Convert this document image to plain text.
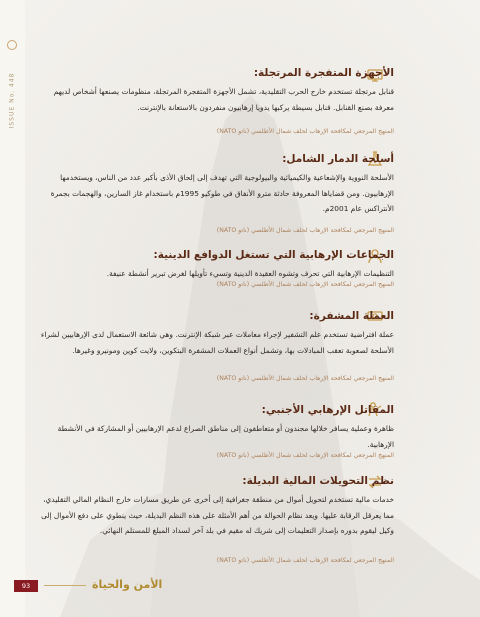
ISSUE No. 448	الأجهزة المتفجرة المرتجلة:

قنابل مرتجلة تستخدم خارج الحرب التقليدية، تشمل الأجهزة المتفجرة المرتجلة، منظومات يصنعها أشخاص لديهم معرفة بصنع القنابل. قنابل بسيطة يركبها يدويا إرهابيون منفردون بالاستعانة بالإنترنت.

المنهج المرجعي لمكافحة الإرهاب لحلف شمال الأطلسي (ناتو NATO)
أسلحة الدمار الشامل:

الأسلحة النووية والإشعاعية والكيميائية والبيولوجية التي تهدف إلى إلحاق الأذى بأكبر عدد من الناس، ويستخدمها الإرهابيون. ومن قضاياها المعروفة حادثة مترو الأنفاق في طوكيو 1995م باستخدام غاز السارين، والهجمات بجمرة الأنتراكس عام 2001م.

المنهج المرجعي لمكافحة الإرهاب لحلف شمال الأطلسي (ناتو NATO)
الجماعات الإرهابية التي تستغل الدوافع الدينية:

التنظيمات الإرهابية التي تحرف وتشوه العقيدة الدينية وتسيء تأويلها لغرض تبرير أنشطة عنيفة.

المنهج المرجعي لمكافحة الإرهاب لحلف شمال الأطلسي (ناتو NATO)
العملة المشفرة:

عملة افتراضية تستخدم علم التشفير لإجراء معاملات عبر شبكة الإنترنت. وهي شائعة الاستعمال لدى الإرهابيين لشراء الأسلحة لصعوبة تعقب المبادلات بها، وتشمل أنواع العملات المشفرة البتكوين، ولايت كوين ومونيرو وغيرها.

المنهج المرجعي لمكافحة الإرهاب لحلف شمال الأطلسي (ناتو NATO)
المقاتل الإرهابي الأجنبي:

ظاهرة وعملية يسافر خلالها مجندون أو متعاطفون إلى مناطق الصراع لدعم الإرهابيين أو المشاركة في الأنشطة الإرهابية.

المنهج المرجعي لمكافحة الإرهاب لحلف شمال الأطلسي (ناتو NATO)
نظم التحويلات المالية البديلة:

خدمات مالية تستخدم لتحويل أموال من منطقة جغرافية إلى أخرى عن طريق مسارات خارج النظام المالي التقليدي، مما يعرقل الرقابة عليها. ويعد نظام الحوالة من أهم الأمثلة على هذه النظم البديلة، حيث ينطوي على دفع الأموال إلى وكيل ليقوم بدوره بإصدار التعليمات إلى شريك له مقيم في بلد آخر لسداد المبلغ للمستلم النهائي.

المنهج المرجعي لمكافحة الإرهاب لحلف شمال الأطلسي (ناتو NATO)
93	الأمن والحياة
